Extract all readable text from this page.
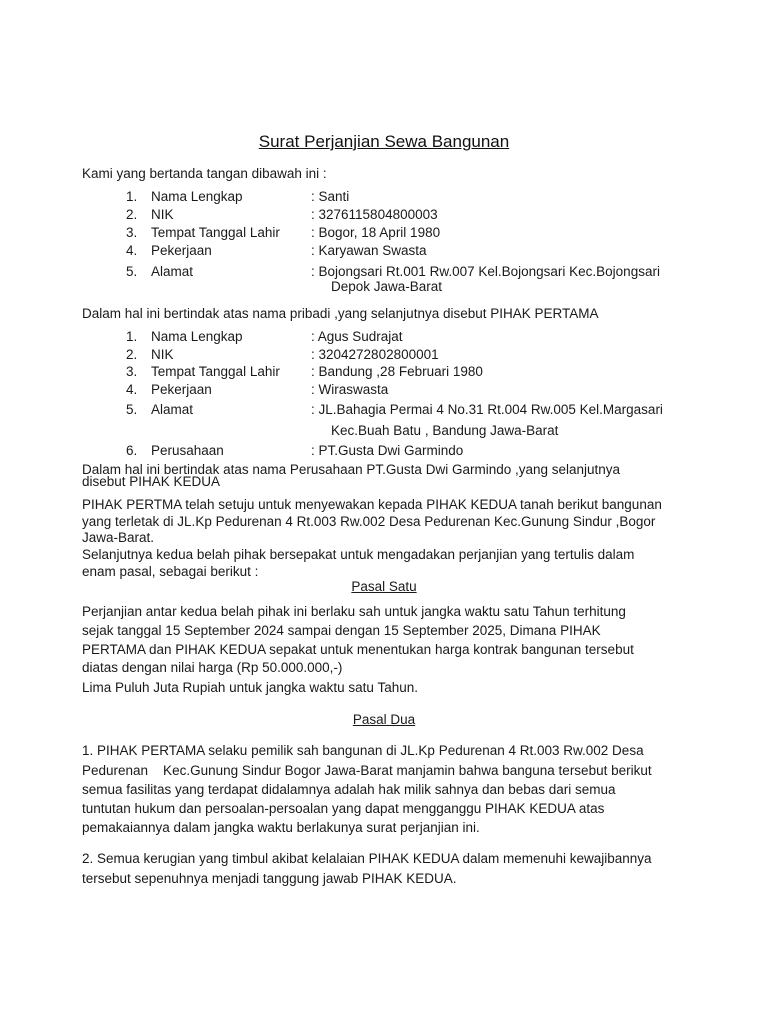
Surat Perjanjian Sewa Bangunan
Kami yang bertanda tangan dibawah ini :
1. Nama Lengkap	: Santi
2. NIK	: 3276115804800003
3. Tempat Tanggal Lahir : Bogor, 18 April 1980
4. Pekerjaan	: Karyawan Swasta
5. Alamat	: Bojongsari Rt.001 Rw.007 Kel.Bojongsari Kec.Bojongsari
Depok Jawa-Barat
Dalam hal ini bertindak atas nama pribadi ,yang selanjutnya disebut PIHAK PERTAMA
1. Nama Lengkap	: Agus Sudrajat
2. NIK	: 3204272802800001
3. Tempat Tanggal Lahir : Bandung ,28 Februari 1980
4. Pekerjaan	: Wiraswasta
5. Alamat	: JL.Bahagia Permai 4 No.31 Rt.004 Rw.005 Kel.Margasari
Kec.Buah Batu , Bandung Jawa-Barat
6. Perusahaan	: PT.Gusta Dwi Garmindo
Dalam hal ini bertindak atas nama Perusahaan PT.Gusta Dwi Garmindo ,yang selanjutnya
disebut PIHAK KEDUA
PIHAK PERTMA telah setuju untuk menyewakan kepada PIHAK KEDUA tanah berikut bangunan
yang terletak di JL.Kp Pedurenan 4 Rt.003 Rw.002 Desa Pedurenan Kec.Gunung Sindur ,Bogor
Jawa-Barat.
Selanjutnya kedua belah pihak bersepakat untuk mengadakan perjanjian yang tertulis dalam
enam pasal, sebagai berikut :
Pasal Satu
Perjanjian antar kedua belah pihak ini berlaku sah untuk jangka waktu satu Tahun terhitung
sejak tanggal 15 September 2024 sampai dengan 15 September 2025, Dimana PIHAK
PERTAMA dan PIHAK KEDUA sepakat untuk menentukan harga kontrak bangunan tersebut
diatas dengan nilai harga (Rp 50.000.000,-)
Lima Puluh Juta Rupiah untuk jangka waktu satu Tahun.
Pasal Dua
1. PIHAK PERTAMA selaku pemilik sah bangunan di JL.Kp Pedurenan 4 Rt.003 Rw.002 Desa
Pedurenan    Kec.Gunung Sindur Bogor Jawa-Barat manjamin bahwa banguna tersebut berikut
semua fasilitas yang terdapat didalamnya adalah hak milik sahnya dan bebas dari semua
tuntutan hukum dan persoalan-persoalan yang dapat mengganggu PIHAK KEDUA atas
pemakaiannya dalam jangka waktu berlakunya surat perjanjian ini.
2. Semua kerugian yang timbul akibat kelalaian PIHAK KEDUA dalam memenuhi kewajibannya
tersebut sepenuhnya menjadi tanggung jawab PIHAK KEDUA.
